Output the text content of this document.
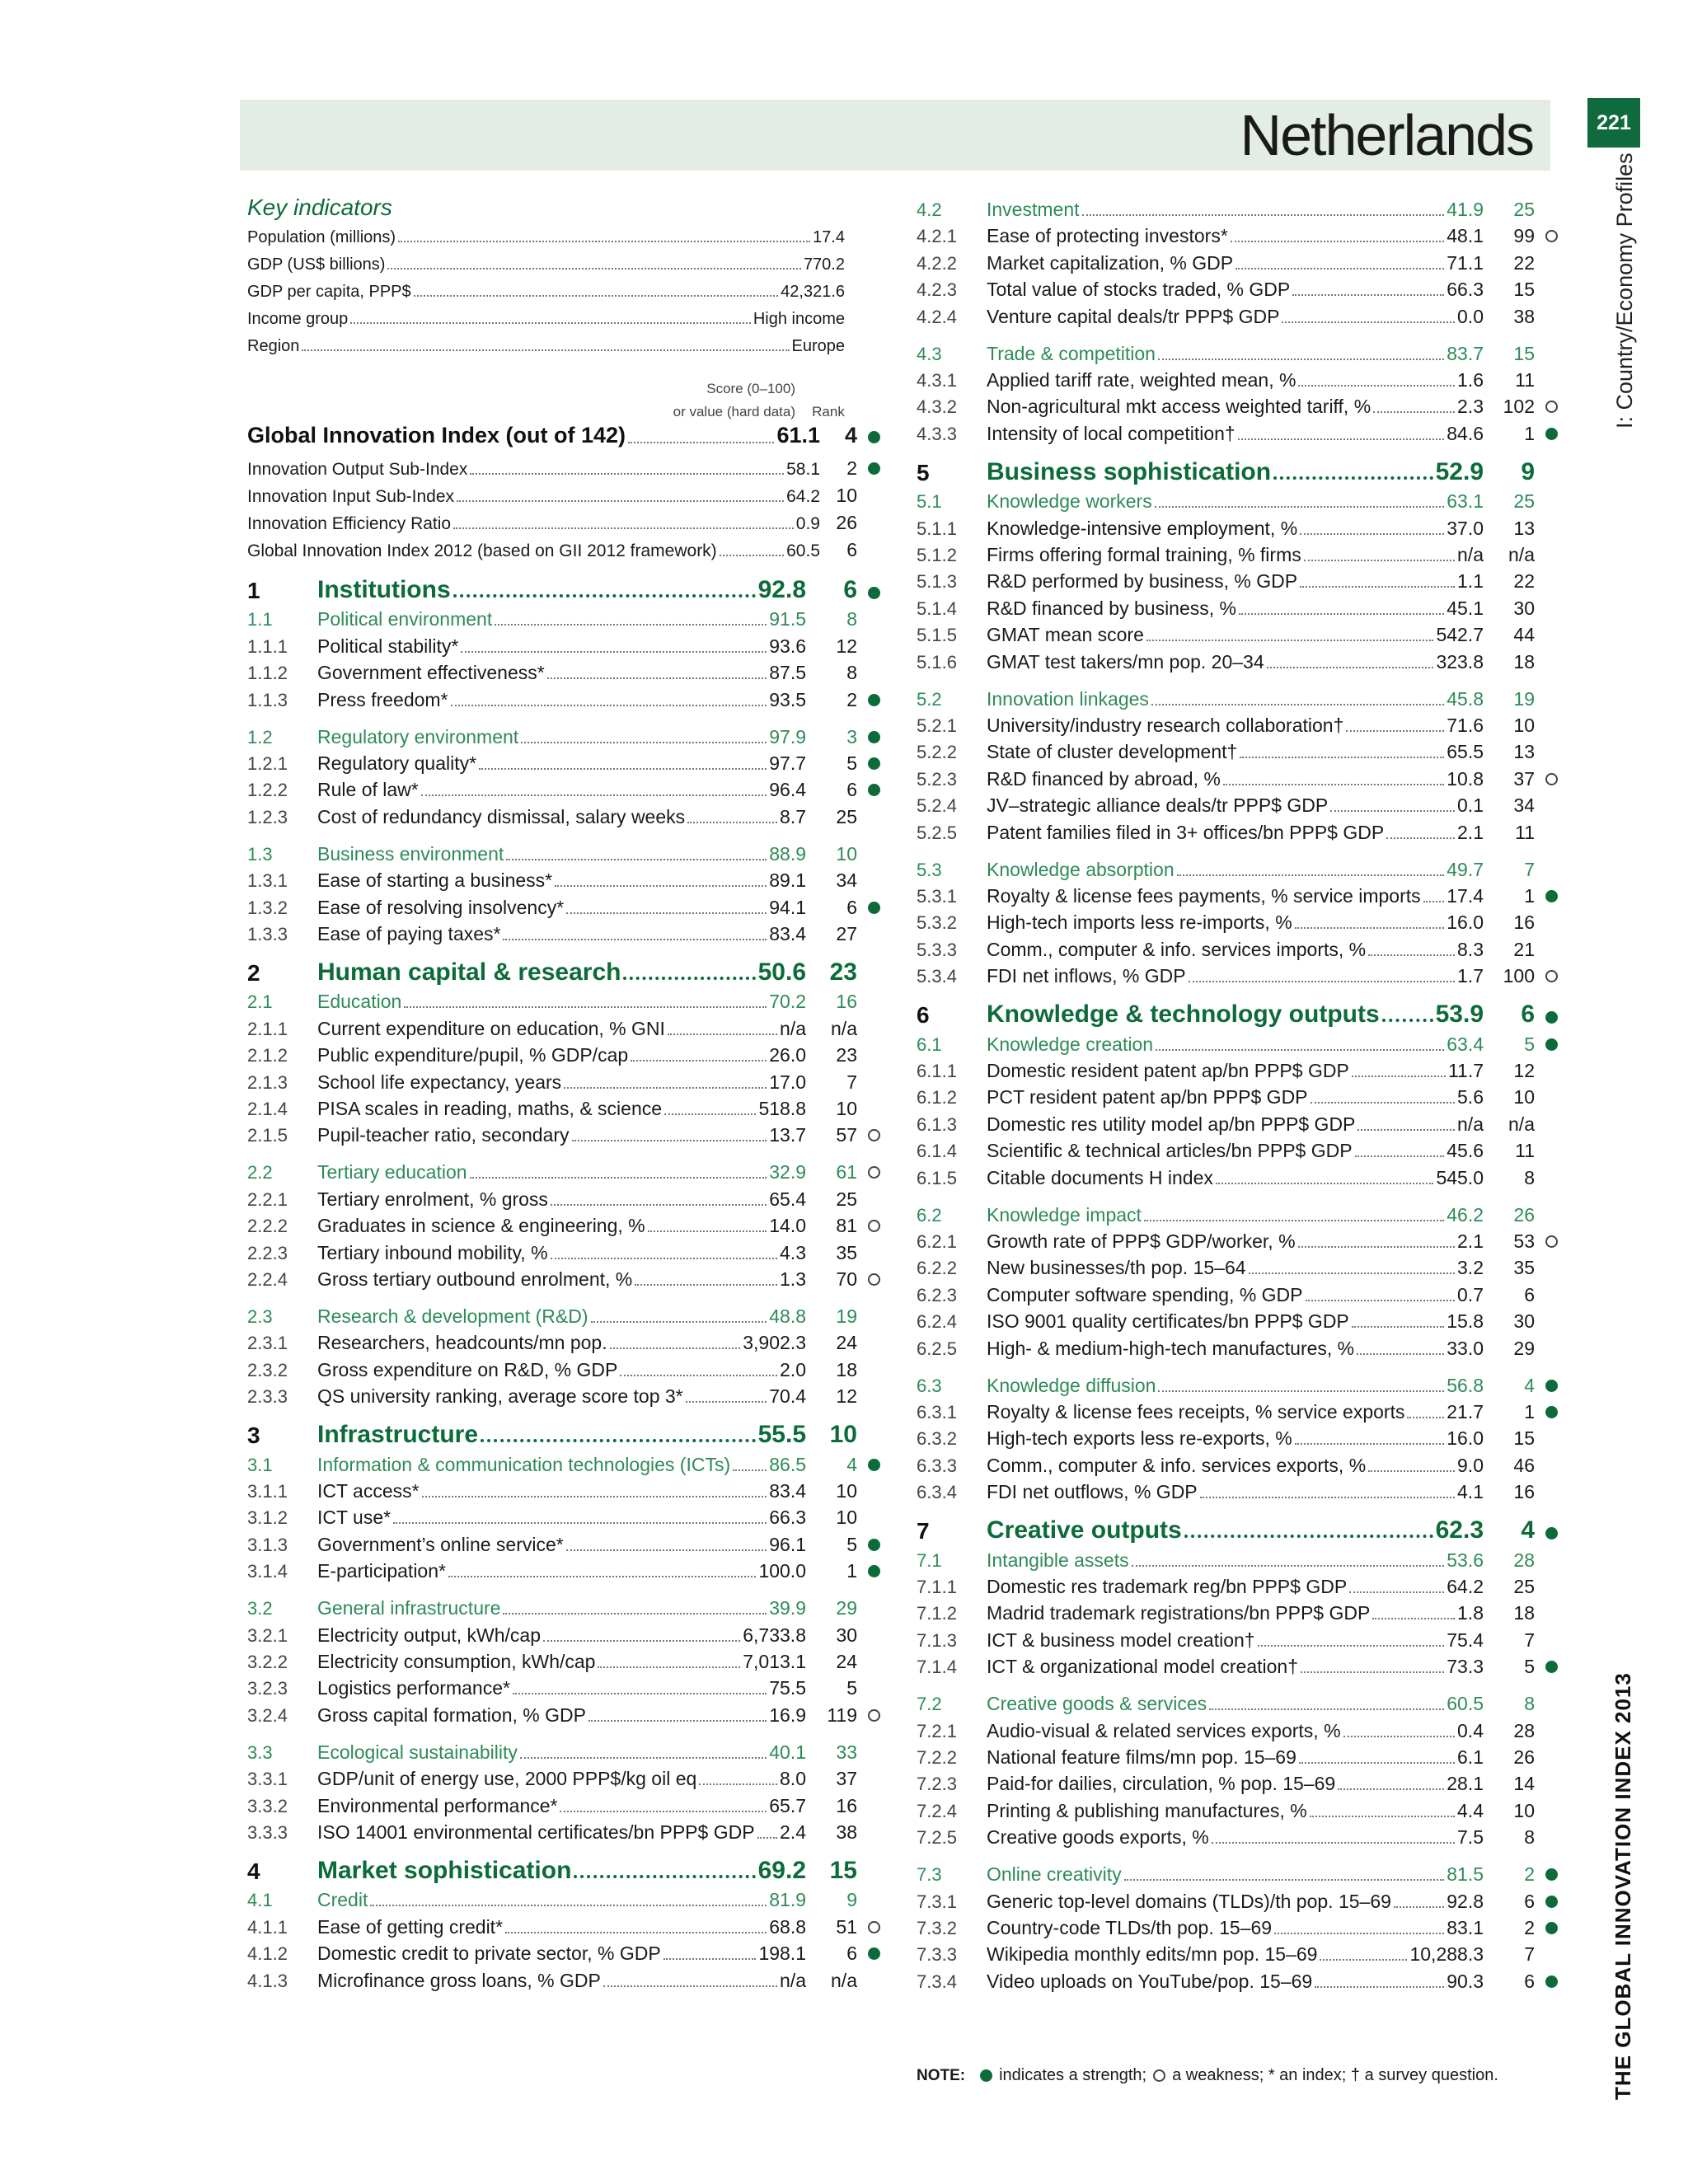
Netherlands	221
I: Country/Economy Profiles
THE GLOBAL INNOVATION INDEX 2013
Key indicators
Population (millions)	17.4
GDP (US$ billions)	770.2
GDP per capita, PPP$	42,321.6
Income group	High income
Region	Europe
Score (0–100)
or value (hard data) Rank
Global Innovation Index (out of 142)	61.1	4
Innovation Output Sub-Index	58.1	2
Innovation Input Sub-Index	64.2 10
Innovation Efficiency Ratio	0.9 26
Global Innovation Index 2012 (based on GII 2012 framework)	60.5	6
1	Institutions	92.8	6
1.1	Political environment	91.5	8
1.1.1	Political stability*	93.6	12
1.1.2	Government effectiveness*	87.5	8
1.1.3	Press freedom*	93.5	2
1.2	Regulatory environment	97.9	3
1.2.1	Regulatory quality*	97.7	5
1.2.2	Rule of law*	96.4	6
1.2.3	Cost of redundancy dismissal, salary weeks	8.7	25
1.3	Business environment	88.9	10
1.3.1	Ease of starting a business*	89.1	34
1.3.2	Ease of resolving insolvency*	94.1	6
1.3.3	Ease of paying taxes*	83.4	27
2	Human capital & research	50.6 23
2.1	Education	70.2	16
2.1.1	Current expenditure on education, % GNI	n/a	n/a
2.1.2	Public expenditure/pupil, % GDP/cap	26.0	23
2.1.3	School life expectancy, years	17.0	7
2.1.4	PISA scales in reading, maths, & science	518.8	10
2.1.5	Pupil-teacher ratio, secondary	13.7	57
2.2	Tertiary education	32.9	61
2.2.1	Tertiary enrolment, % gross	65.4	25
2.2.2	Graduates in science & engineering, %	14.0	81
2.2.3	Tertiary inbound mobility, %	4.3	35
2.2.4	Gross tertiary outbound enrolment, %	1.3	70
2.3	Research & development (R&D)	48.8	19
2.3.1	Researchers, headcounts/mn pop.	3,902.3	24
2.3.2	Gross expenditure on R&D, % GDP	2.0	18
2.3.3	QS university ranking, average score top 3*	70.4	12
3	Infrastructure	55.5 10
3.1	Information & communication technologies (ICTs) 86.5	4
3.1.1	ICT access*	83.4	10
3.1.2	ICT use*	66.3	10
3.1.3	Government’s online service*	96.1	5
3.1.4	E-participation*	100.0	1
3.2	General infrastructure	39.9	29
3.2.1	Electricity output, kWh/cap	6,733.8	30
3.2.2	Electricity consumption, kWh/cap	7,013.1	24
3.2.3	Logistics performance*	75.5	5
3.2.4	Gross capital formation, % GDP	16.9	119
3.3	Ecological sustainability	40.1	33
3.3.1	GDP/unit of energy use, 2000 PPP$/kg oil eq	8.0	37
3.3.2	Environmental performance*	65.7	16
3.3.3	ISO 14001 environmental certificates/bn PPP$ GDP 2.4	38
4	Market sophistication	69.2 15
4.1	Credit	81.9	9
4.1.1	Ease of getting credit*	68.8	51
4.1.2	Domestic credit to private sector, % GDP	198.1	6
4.1.3	Microfinance gross loans, % GDP	n/a	n/a
4.2	Investment	41.9	25
4.2.1	Ease of protecting investors*	48.1	99
4.2.2	Market capitalization, % GDP	71.1	22
4.2.3	Total value of stocks traded, % GDP	66.3	15
4.2.4	Venture capital deals/tr PPP$ GDP	0.0	38
4.3	Trade & competition	83.7	15
4.3.1	Applied tariff rate, weighted mean, %	1.6	11
4.3.2	Non-agricultural mkt access weighted tariff, %	2.3	102
4.3.3	Intensity of local competition†	84.6	1
5	Business sophistication	52.9	9
5.1	Knowledge workers	63.1	25
5.1.1	Knowledge-intensive employment, %	37.0	13
5.1.2	Firms offering formal training, % firms	n/a	n/a
5.1.3	R&D performed by business, % GDP	1.1	22
5.1.4	R&D financed by business, %	45.1	30
5.1.5	GMAT mean score	542.7	44
5.1.6	GMAT test takers/mn pop. 20–34	323.8	18
5.2	Innovation linkages	45.8	19
5.2.1	University/industry research collaboration†	71.6	10
5.2.2	State of cluster development†	65.5	13
5.2.3	R&D financed by abroad, %	10.8	37
5.2.4	JV–strategic alliance deals/tr PPP$ GDP	0.1	34
5.2.5	Patent families filed in 3+ offices/bn PPP$ GDP	2.1	11
5.3	Knowledge absorption	49.7	7
5.3.1	Royalty & license fees payments, % service imports 17.4	1
5.3.2	High-tech imports less re-imports, %	16.0	16
5.3.3	Comm., computer & info. services imports, %	8.3	21
5.3.4	FDI net inflows, % GDP	1.7	100
6	Knowledge & technology outputs 53.9	6
6.1	Knowledge creation	63.4	5
6.1.1	Domestic resident patent ap/bn PPP$ GDP	11.7	12
6.1.2	PCT resident patent ap/bn PPP$ GDP	5.6	10
6.1.3	Domestic res utility model ap/bn PPP$ GDP	n/a	n/a
6.1.4	Scientific & technical articles/bn PPP$ GDP	45.6	11
6.1.5	Citable documents H index	545.0	8
6.2	Knowledge impact	46.2	26
6.2.1	Growth rate of PPP$ GDP/worker, %	2.1	53
6.2.2	New businesses/th pop. 15–64	3.2	35
6.2.3	Computer software spending, % GDP	0.7	6
6.2.4	ISO 9001 quality certificates/bn PPP$ GDP	15.8	30
6.2.5	High- & medium-high-tech manufactures, %	33.0	29
6.3	Knowledge diffusion	56.8	4
6.3.1	Royalty & license fees receipts, % service exports 21.7	1
6.3.2	High-tech exports less re-exports, %	16.0	15
6.3.3	Comm., computer & info. services exports, %	9.0	46
6.3.4	FDI net outflows, % GDP	4.1	16
7	Creative outputs	62.3	4
7.1	Intangible assets	53.6	28
7.1.1	Domestic res trademark reg/bn PPP$ GDP	64.2	25
7.1.2	Madrid trademark registrations/bn PPP$ GDP	1.8	18
7.1.3	ICT & business model creation†	75.4	7
7.1.4	ICT & organizational model creation†	73.3	5
7.2	Creative goods & services	60.5	8
7.2.1	Audio-visual & related services exports, %	0.4	28
7.2.2	National feature films/mn pop. 15–69	6.1	26
7.2.3	Paid-for dailies, circulation, % pop. 15–69	28.1	14
7.2.4	Printing & publishing manufactures, %	4.4	10
7.2.5	Creative goods exports, %	7.5	8
7.3	Online creativity	81.5	2
7.3.1	Generic top-level domains (TLDs)/th pop. 15–69	92.8	6
7.3.2	Country-code TLDs/th pop. 15–69	83.1	2
7.3.3	Wikipedia monthly edits/mn pop. 15–69	10,288.3	7
7.3.4	Video uploads on YouTube/pop. 15–69	90.3	6
NOTE: indicates a strength; a weakness; * an index; † a survey question.
